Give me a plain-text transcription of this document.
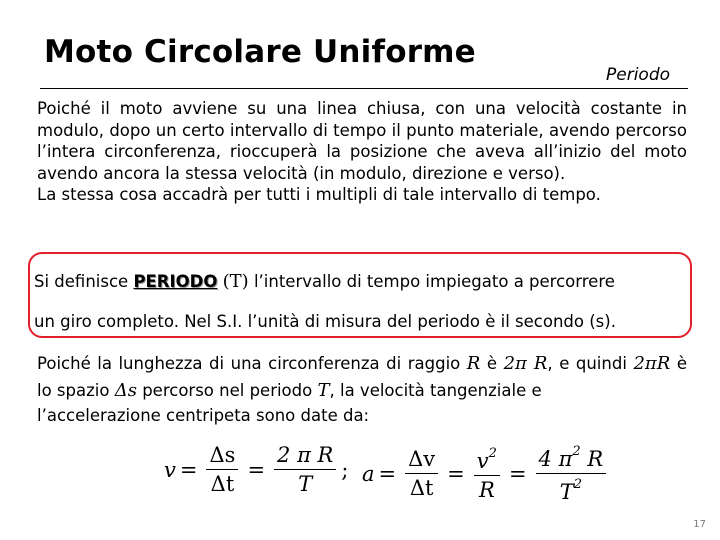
Moto Circolare Uniforme
Periodo
Poiché il moto avviene su una linea chiusa, con una velocità costante in modulo, dopo un certo intervallo di tempo il punto materiale, avendo percorso l’intera circonferenza, rioccuperà la posizione che aveva all’inizio del moto avendo ancora la stessa velocità (in modulo, direzione e verso).
La stessa cosa accadrà per tutti i multipli di tale intervallo di tempo.
Si definisce PERIODO (T) l’intervallo di tempo impiegato a percorrere
un giro completo. Nel S.I. l’unità di misura del periodo è il secondo (s).
Poiché la lunghezza di una circonferenza di raggio R è 2π R, e quindi 2πR è lo spazio Δs percorso nel periodo T, la velocità tangenziale e
l’accelerazione centripeta sono date da:
$v = \frac{\Delta s}{\Delta t} = \frac{\text{2 π R}}{T}$ ; $a = \frac{\Delta v}{\Delta t} = \frac{v^2}{R} = \frac{4 \pi^2 R}{T^2}$
17
